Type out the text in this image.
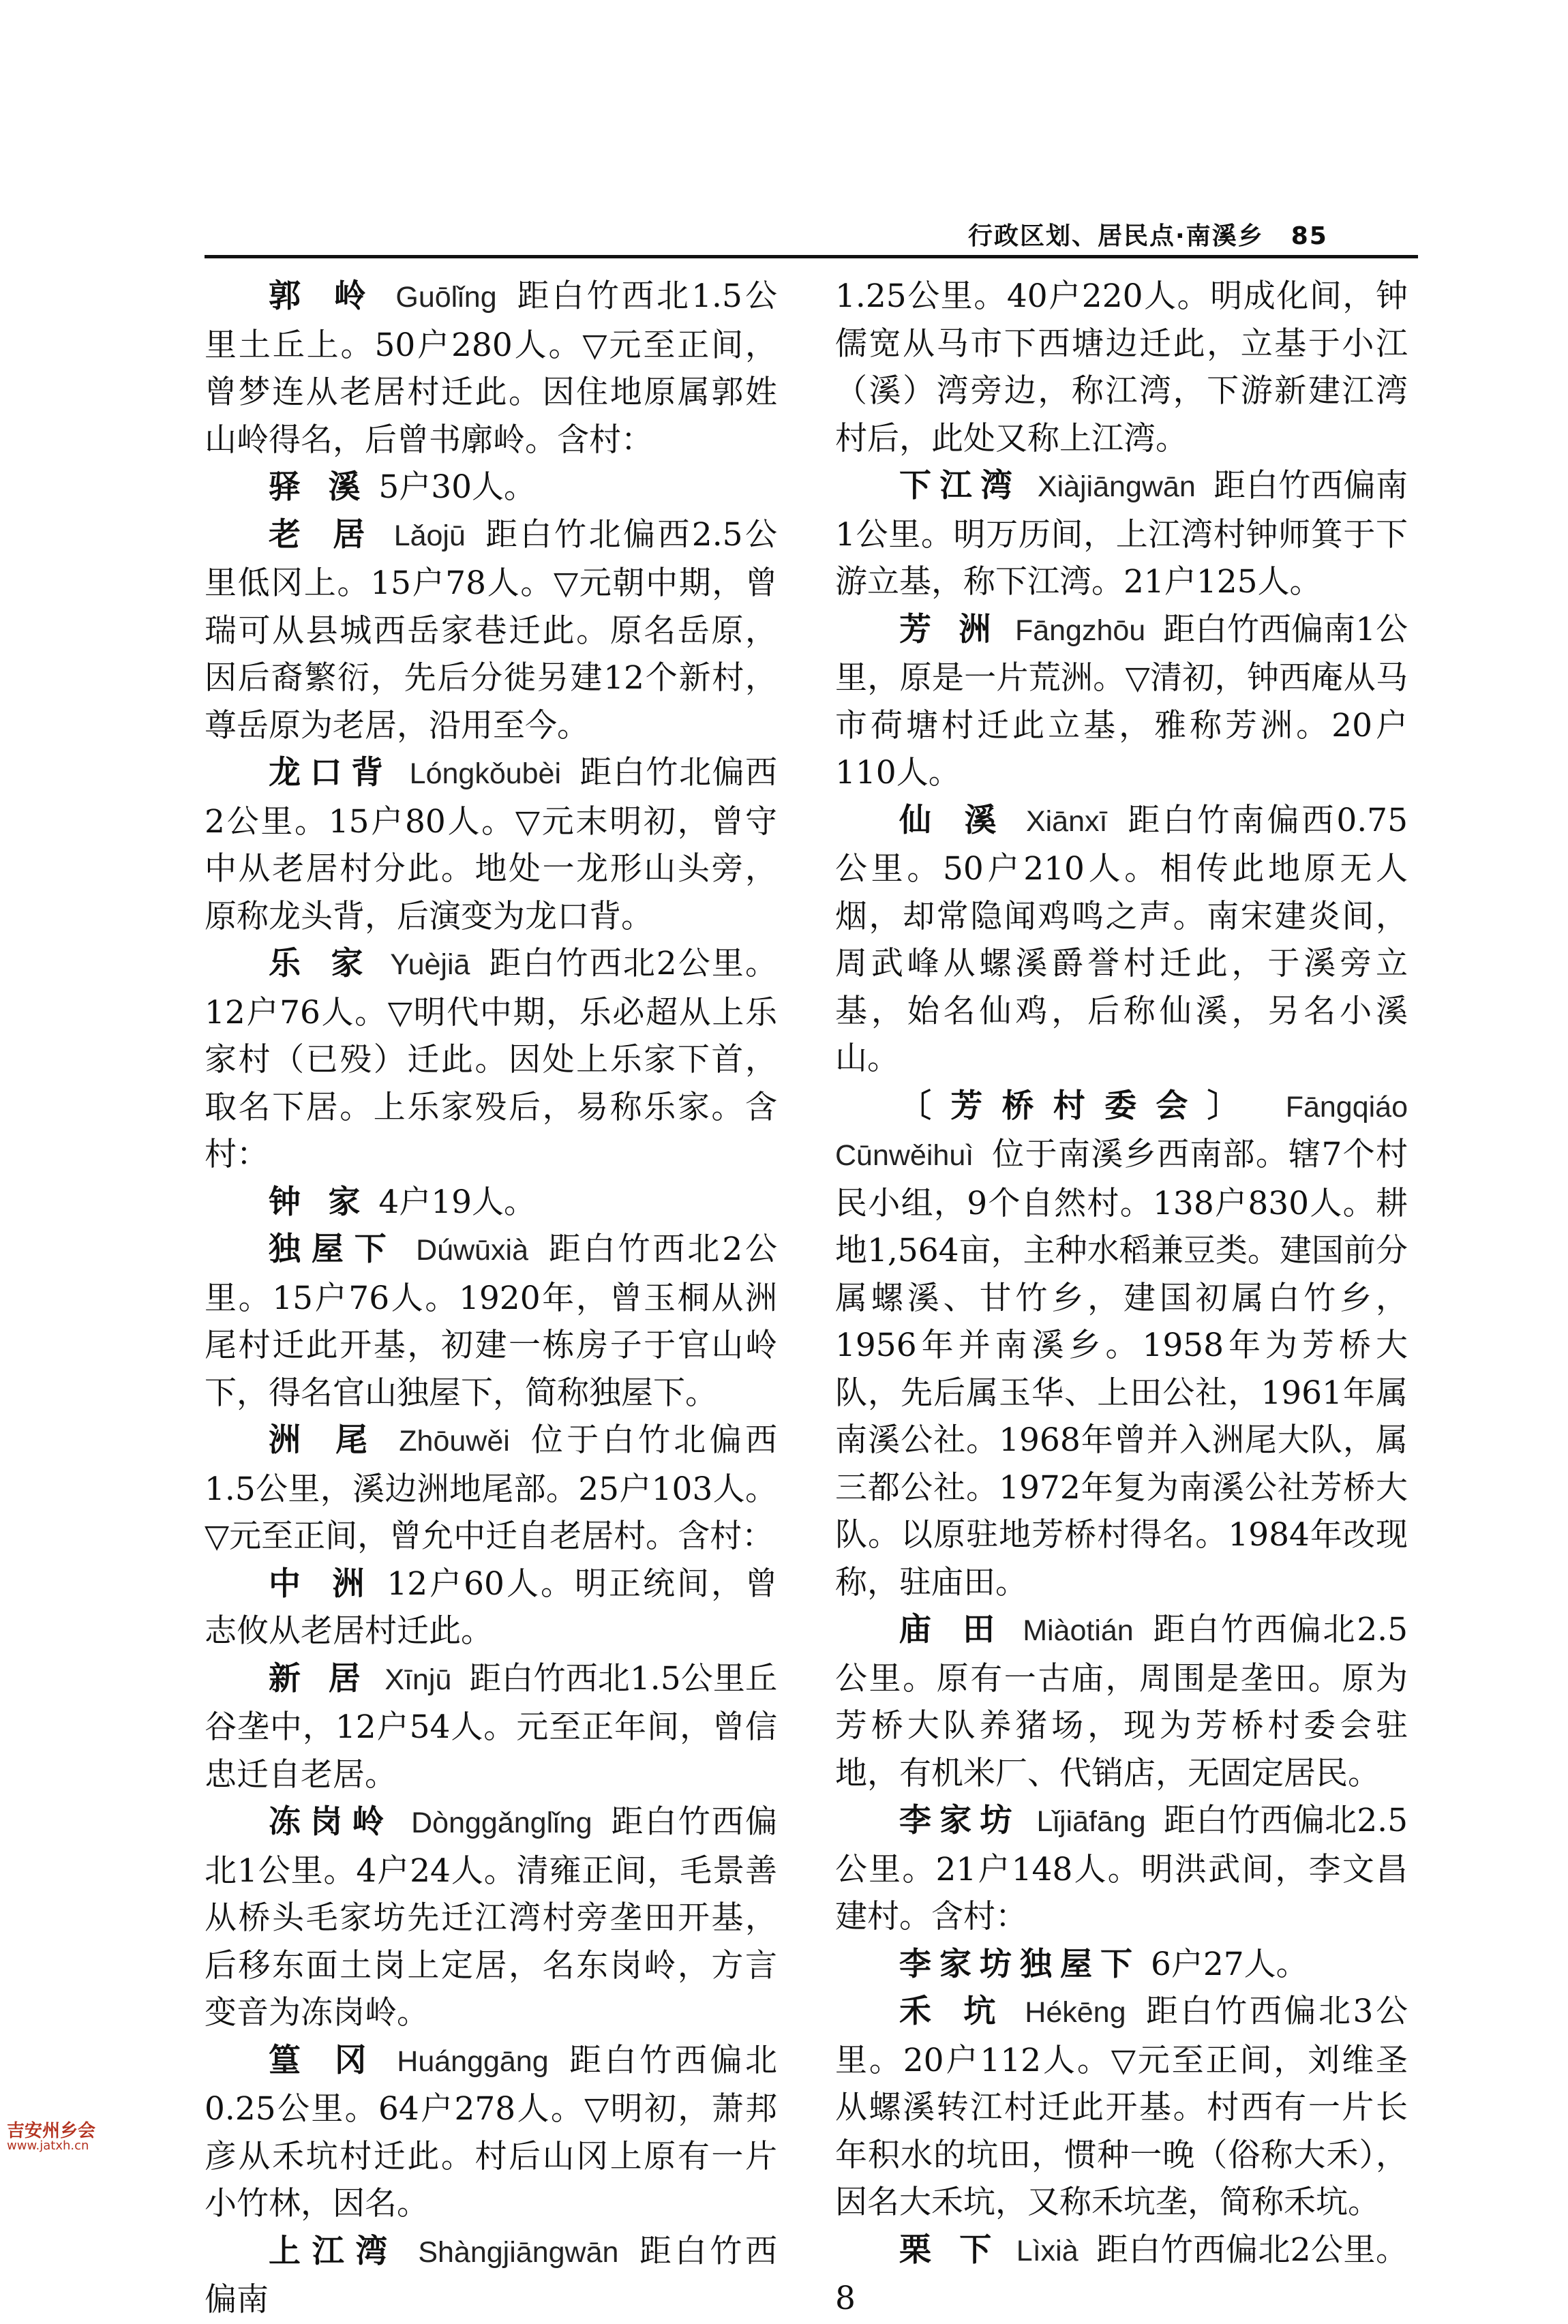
行政区划、居民点·南溪乡 85

郭 岭 Guōlǐng 距白竹西北1.5公里土丘上。50户280人。▽元至正间，曾梦连从老居村迁此。因住地原属郭姓山岭得名，后曾书廓岭。含村：

驿 溪 5户30人。

老 居 Lǎojū 距白竹北偏西2.5公里低冈上。15户78人。▽元朝中期，曾瑞可从县城西岳家巷迁此。原名岳原，因后裔繁衍，先后分徙另建12个新村，尊岳原为老居，沿用至今。

龙口背 Lóngkǒubèi 距白竹北偏西2公里。15户80人。▽元末明初，曾守中从老居村分此。地处一龙形山头旁，原称龙头背，后演变为龙口背。

乐 家 Yuèjiā 距白竹西北2公里。12户76人。▽明代中期，乐必超从上乐家村（已殁）迁此。因处上乐家下首，取名下居。上乐家殁后，易称乐家。含村：

钟 家 4户19人。

独屋下 Dúwūxià 距白竹西北2公里。15户76人。1920年，曾玉桐从洲尾村迁此开基，初建一栋房子于官山岭下，得名官山独屋下，简称独屋下。

洲 尾 Zhōuwěi 位于白竹北偏西1.5公里，溪边洲地尾部。25户103人。▽元至正间，曾允中迁自老居村。含村：

中 洲 12户60人。明正统间，曾志攸从老居村迁此。

新 居 Xīnjū 距白竹西北1.5公里丘谷垄中，12户54人。元至正年间，曾信忠迁自老居。

冻岗岭 Dònggǎnglǐng 距白竹西偏北1公里。4户24人。清雍正间，毛景善从桥头毛家坊先迁江湾村旁垄田开基，后移东面土岗上定居，名东岗岭，方言变音为冻岗岭。

篁 冈 Huánggāng 距白竹西偏北0.25公里。64户278人。▽明初，萧邦彦从禾坑村迁此。村后山冈上原有一片小竹林，因名。

上江湾 Shàngjiāngwān 距白竹西偏南

1.25公里。40户220人。明成化间，钟儒宽从马市下西塘边迁此，立基于小江（溪）湾旁边，称江湾，下游新建江湾村后，此处又称上江湾。

下江湾 Xiàjiāngwān 距白竹西偏南1公里。明万历间，上江湾村钟师箕于下游立基，称下江湾。21户125人。

芳 洲 Fāngzhōu 距白竹西偏南1公里，原是一片荒洲。▽清初，钟西庵从马市荷塘村迁此立基，雅称芳洲。20户110人。

仙 溪 Xiānxī 距白竹南偏西0.75公里。50户210人。相传此地原无人烟，却常隐闻鸡鸣之声。南宋建炎间，周武峰从螺溪爵誉村迁此，于溪旁立基，始名仙鸡，后称仙溪，另名小溪山。

〔芳桥村委会〕 Fāngqiáo Cūnwěihuì 位于南溪乡西南部。辖7个村民小组，9个自然村。138户830人。耕地1,564亩，主种水稻兼豆类。建国前分属螺溪、甘竹乡，建国初属白竹乡，1956年并南溪乡。1958年为芳桥大队，先后属玉华、上田公社，1961年属南溪公社。1968年曾并入洲尾大队，属三都公社。1972年复为南溪公社芳桥大队。以原驻地芳桥村得名。1984年改现称，驻庙田。

庙 田 Miàotián 距白竹西偏北2.5公里。原有一古庙，周围是垄田。原为芳桥大队养猪场，现为芳桥村委会驻地，有机米厂、代销店，无固定居民。

李家坊 Lǐjiāfāng 距白竹西偏北2.5公里。21户148人。明洪武间，李文昌建村。含村：

李家坊独屋下 6户27人。

禾 坑 Hékēng 距白竹西偏北3公里。20户112人。▽元至正间，刘维圣从螺溪转江村迁此开基。村西有一片长年积水的坑田，惯种一晚（俗称大禾），因名大禾坑，又称禾坑垄，简称禾坑。

栗 下 Lìxià 距白竹西偏北2公里。8

吉安州乡会
www.jatxh.cn
